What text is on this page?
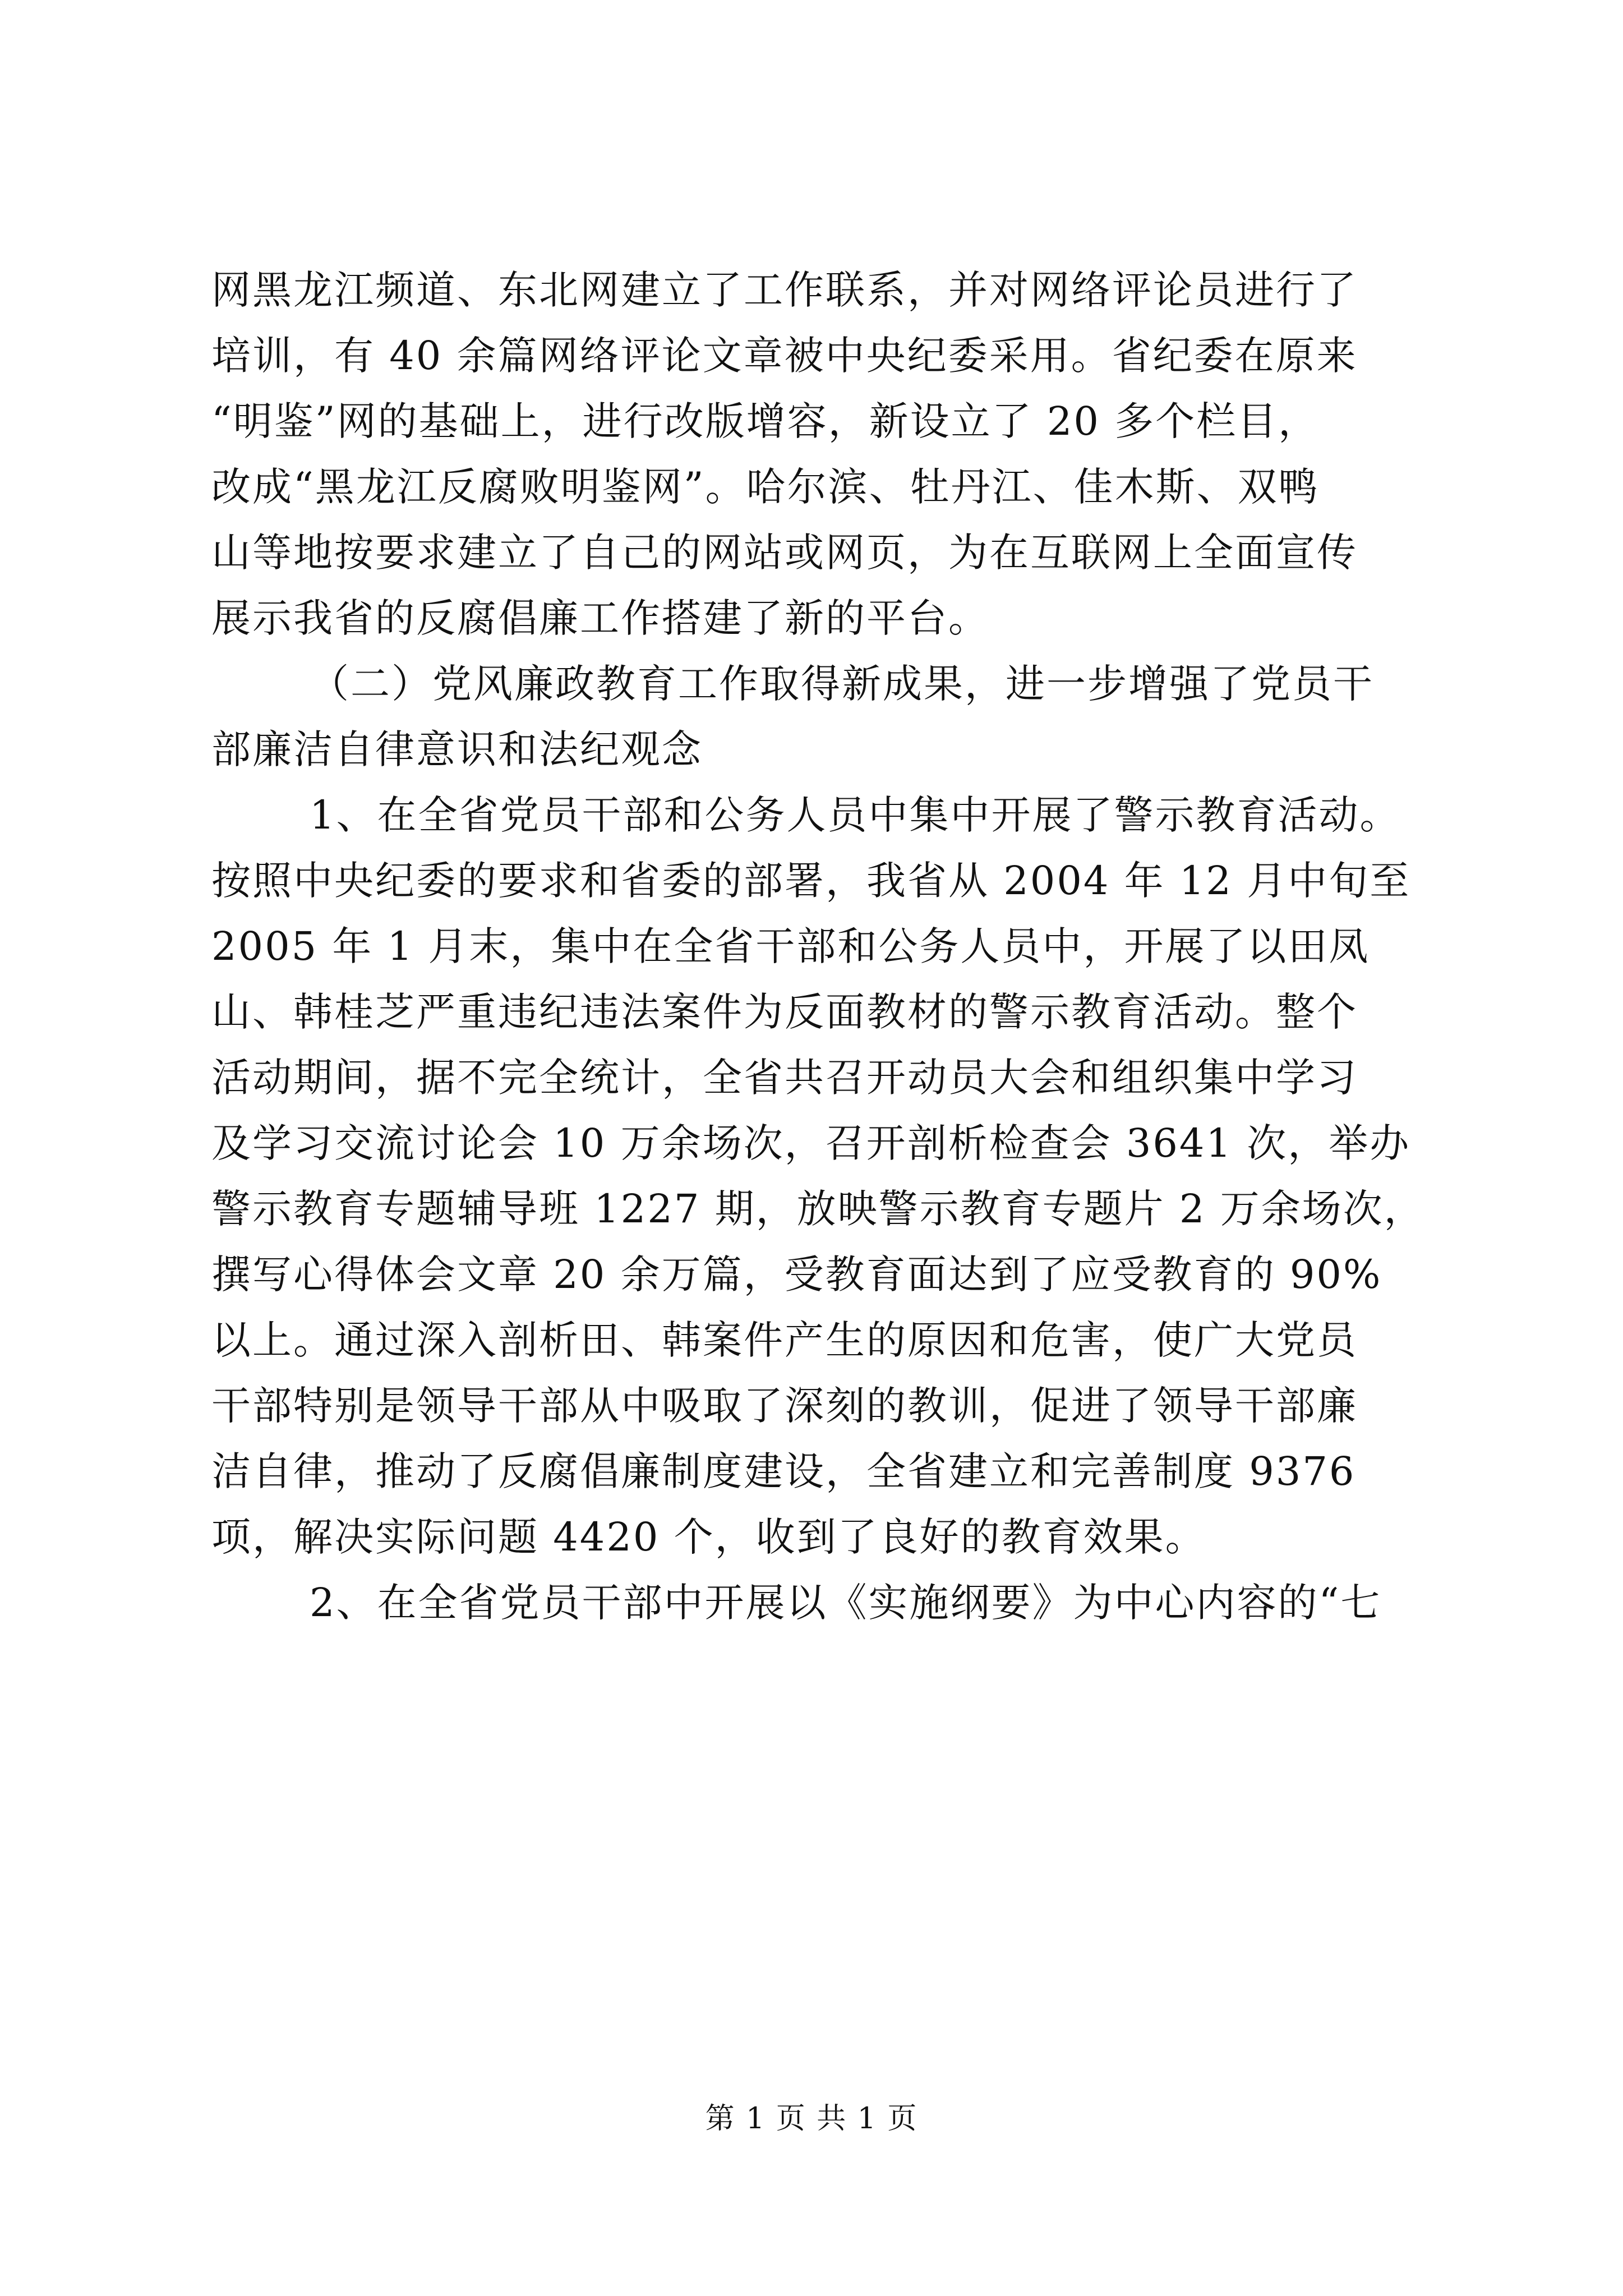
网黑龙江频道、东北网建立了工作联系，并对网络评论员进行了
培训，有 40 余篇网络评论文章被中央纪委采用。省纪委在原来
“明鉴”网的基础上，进行改版增容，新设立了 20 多个栏目，
改成“黑龙江反腐败明鉴网”。哈尔滨、牡丹江、佳木斯、双鸭
山等地按要求建立了自己的网站或网页，为在互联网上全面宣传
展示我省的反腐倡廉工作搭建了新的平台。
（二）党风廉政教育工作取得新成果，进一步增强了党员干
部廉洁自律意识和法纪观念
1、在全省党员干部和公务人员中集中开展了警示教育活动。
按照中央纪委的要求和省委的部署，我省从 2004 年 12 月中旬至
2005 年 1 月末，集中在全省干部和公务人员中，开展了以田凤
山、韩桂芝严重违纪违法案件为反面教材的警示教育活动。整个
活动期间，据不完全统计，全省共召开动员大会和组织集中学习
及学习交流讨论会 10 万余场次，召开剖析检查会 3641 次，举办
警示教育专题辅导班 1227 期，放映警示教育专题片 2 万余场次，
撰写心得体会文章 20 余万篇，受教育面达到了应受教育的 90%
以上。通过深入剖析田、韩案件产生的原因和危害，使广大党员
干部特别是领导干部从中吸取了深刻的教训，促进了领导干部廉
洁自律，推动了反腐倡廉制度建设，全省建立和完善制度 9376
项，解决实际问题 4420 个，收到了良好的教育效果。
2、在全省党员干部中开展以《实施纲要》为中心内容的“七
第 1 页 共 1 页
